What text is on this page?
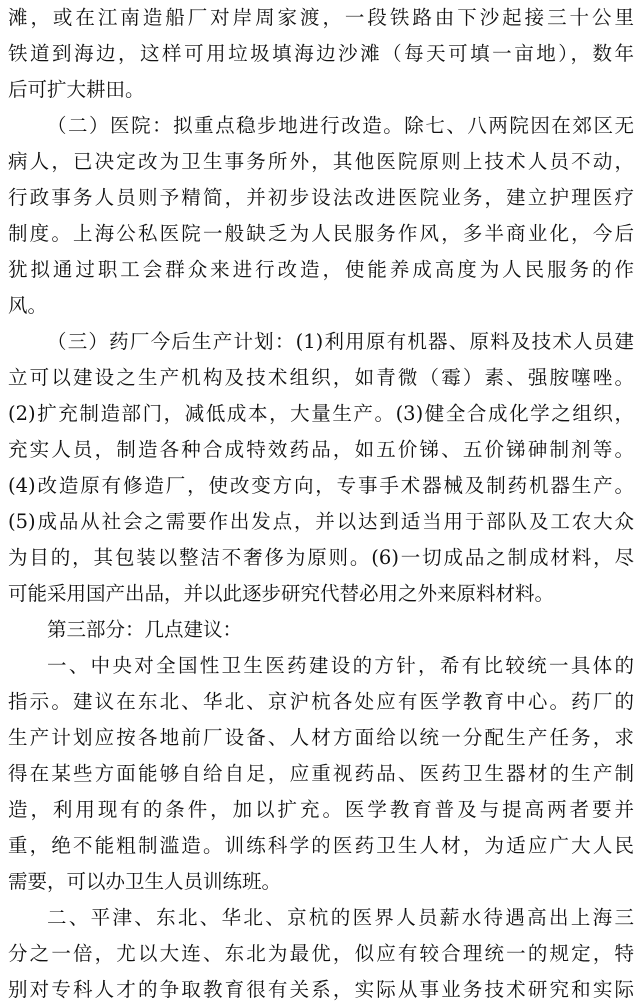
滩，或在江南造船厂对岸周家渡，一段铁路由下沙起接三十公里
铁道到海边，这样可用垃圾填海边沙滩（每天可填一亩地），数年
后可扩大耕田。
（二）医院：拟重点稳步地进行改造。除七、八两院因在郊区无
病人，已决定改为卫生事务所外，其他医院原则上技术人员不动，
行政事务人员则予精简，并初步设法改进医院业务，建立护理医疗
制度。上海公私医院一般缺乏为人民服务作风，多半商业化，今后
犹拟通过职工会群众来进行改造，使能养成高度为人民服务的作
风。
（三）药厂今后生产计划：(1)利用原有机器、原料及技术人员建
立可以建设之生产机构及技术组织，如青微（霉）素、强胺噻唑。
(2)扩充制造部门，减低成本，大量生产。(3)健全合成化学之组织，
充实人员，制造各种合成特效药品，如五价锑、五价锑砷制剂等。
(4)改造原有修造厂，使改变方向，专事手术器械及制药机器生产。
(5)成品从社会之需要作出发点，并以达到适当用于部队及工农大众
为目的，其包装以整洁不奢侈为原则。(6)一切成品之制成材料，尽
可能采用国产出品，并以此逐步研究代替必用之外来原料材料。
第三部分：几点建议：
一、中央对全国性卫生医药建设的方针，希有比较统一具体的
指示。建议在东北、华北、京沪杭各处应有医学教育中心。药厂的
生产计划应按各地前厂设备、人材方面给以统一分配生产任务，求
得在某些方面能够自给自足，应重视药品、医药卫生器材的生产制
造，利用现有的条件，加以扩充。医学教育普及与提高两者要并
重，绝不能粗制滥造。训练科学的医药卫生人材，为适应广大人民
需要，可以办卫生人员训练班。
二、平津、东北、华北、京杭的医界人员薪水待遇高出上海三
分之一倍，尤以大连、东北为最优，似应有较合理统一的规定，特
别对专科人才的争取教育很有关系，实际从事业务技术研究和实际
